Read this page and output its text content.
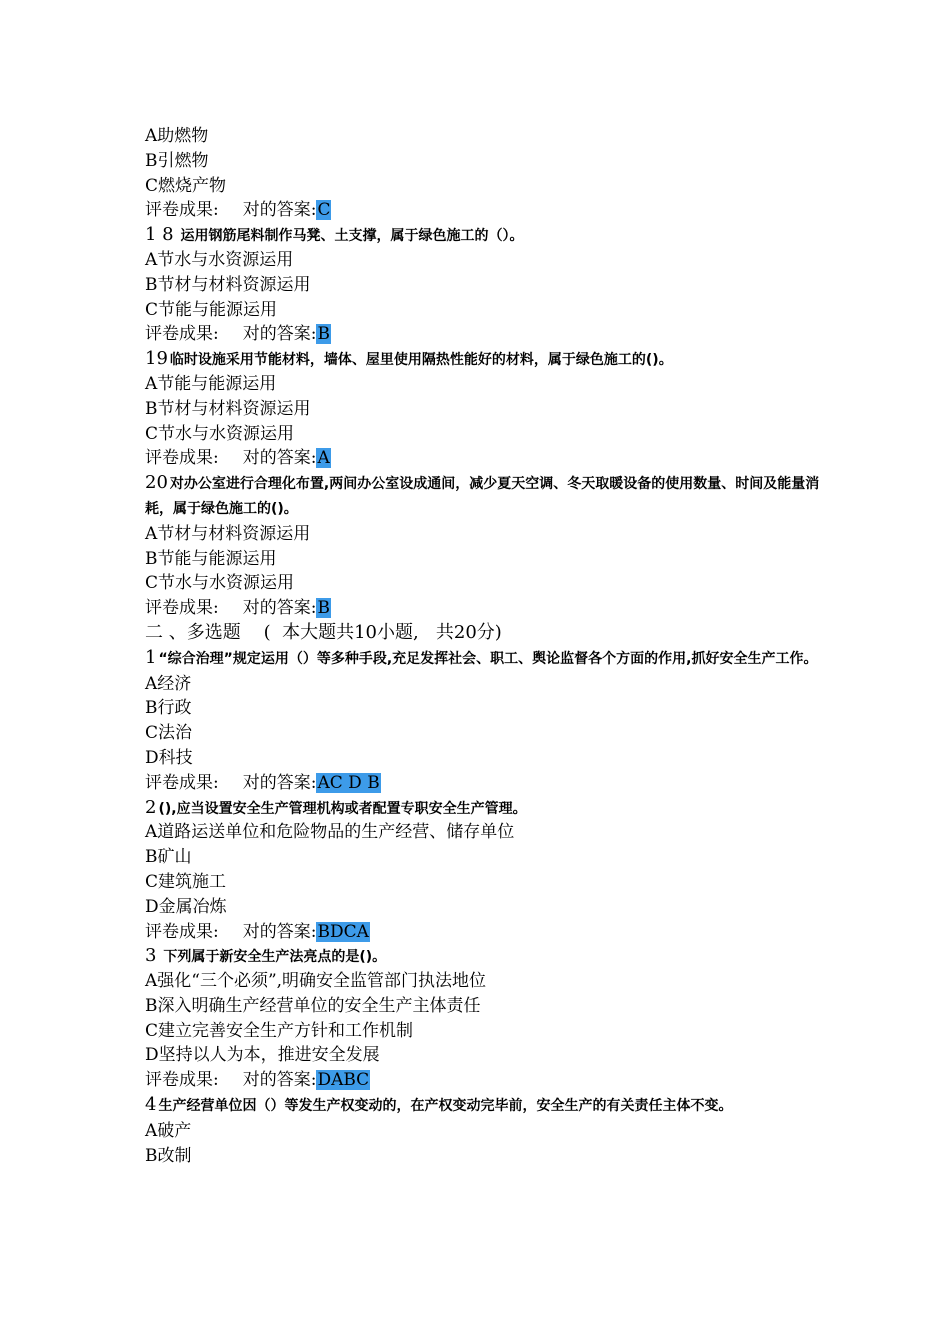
A助燃物
B引燃物
C燃烧产物
评卷成果: 对的答案:C
1 8 运用钢筋尾料制作马凳、土支撑，属于绿色施工的（）。
A节水与水资源运用
B节材与材料资源运用
C节能与能源运用
评卷成果: 对的答案:B
19 临时设施采用节能材料，墙体、屋里使用隔热性能好的材料，属于绿色施工的()。
A节能与能源运用
B节材与材料资源运用
C节水与水资源运用
评卷成果: 对的答案:A
20 对办公室进行合理化布置,两间办公室设成通间，减少夏天空调、冬天取暖设备的使用数量、时间及能量消耗，属于绿色施工的()。
A节材与材料资源运用
B节能与能源运用
C节水与水资源运用
评卷成果: 对的答案:B
二 、多选题    (  本大题共10小题,   共20分)
1 “综合治理”规定运用（）等多种手段,充足发挥社会、职工、舆论监督各个方面的作用,抓好安全生产工作。
A经济
B行政
C法治
D科技
评卷成果: 对的答案:AC D B
2 (),应当设置安全生产管理机构或者配置专职安全生产管理。
A道路运送单位和危险物品的生产经营、储存单位
B矿山
C建筑施工
D金属冶炼
评卷成果: 对的答案:BDCA
3 下列属于新安全生产法亮点的是()。
A强化“三个必须”,明确安全监管部门执法地位
B深入明确生产经营单位的安全生产主体责任
C建立完善安全生产方针和工作机制
D坚持以人为本，推进安全发展
评卷成果: 对的答案:DABC
4 生产经营单位因（）等发生产权变动的，在产权变动完毕前，安全生产的有关责任主体不变。
A破产
B改制
